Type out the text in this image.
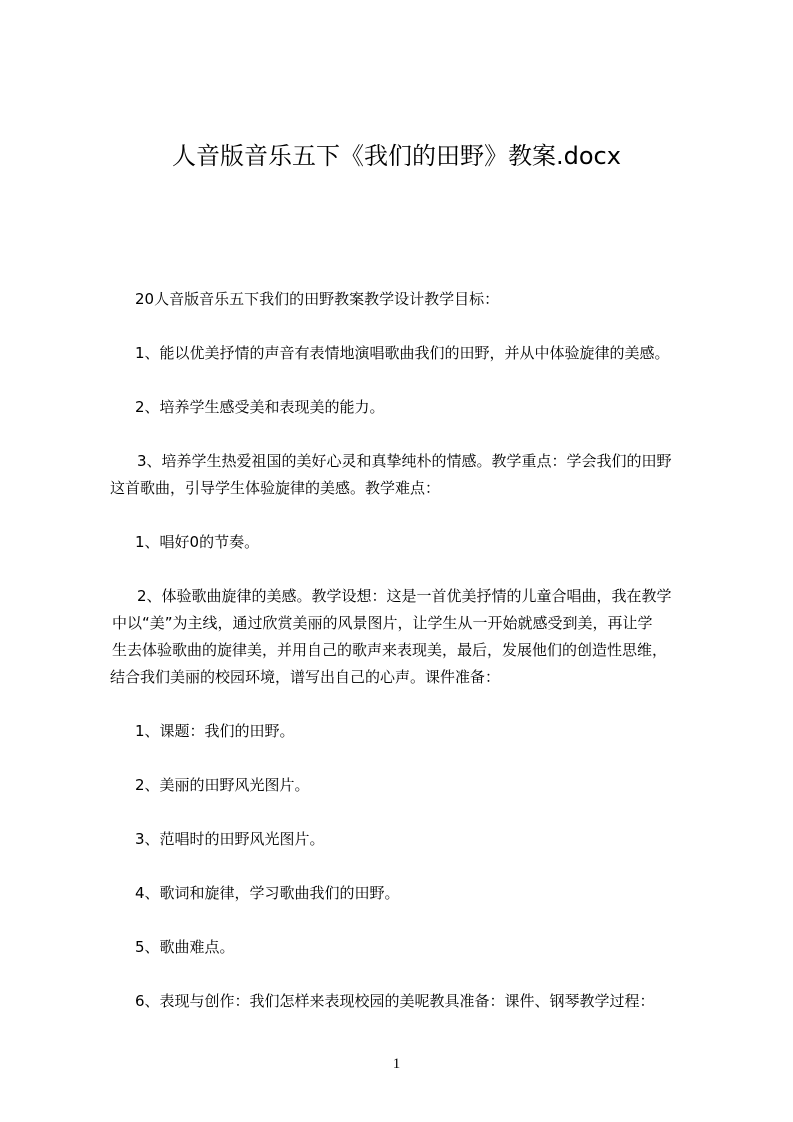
人音版音乐五下《我们的田野》教案.docx
20人音版音乐五下我们的田野教案教学设计教学目标：
1、能以优美抒情的声音有表情地演唱歌曲我们的田野，并从中体验旋律的美感。
2、培养学生感受美和表现美的能力。
3、培养学生热爱祖国的美好心灵和真挚纯朴的情感。教学重点：学会我们的田野
这首歌曲，引导学生体验旋律的美感。教学难点：
1、唱好0的节奏。
2、体验歌曲旋律的美感。教学设想：这是一首优美抒情的儿童合唱曲，我在教学
中以“美”为主线，通过欣赏美丽的风景图片，让学生从一开始就感受到美，再让学
生去体验歌曲的旋律美，并用自己的歌声来表现美，最后，发展他们的创造性思维，
结合我们美丽的校园环境，谱写出自己的心声。课件准备：
1、课题：我们的田野。
2、美丽的田野风光图片。
3、范唱时的田野风光图片。
4、歌词和旋律，学习歌曲我们的田野。
5、歌曲难点。
6、表现与创作：我们怎样来表现校园的美呢教具准备：课件、钢琴教学过程：
1
